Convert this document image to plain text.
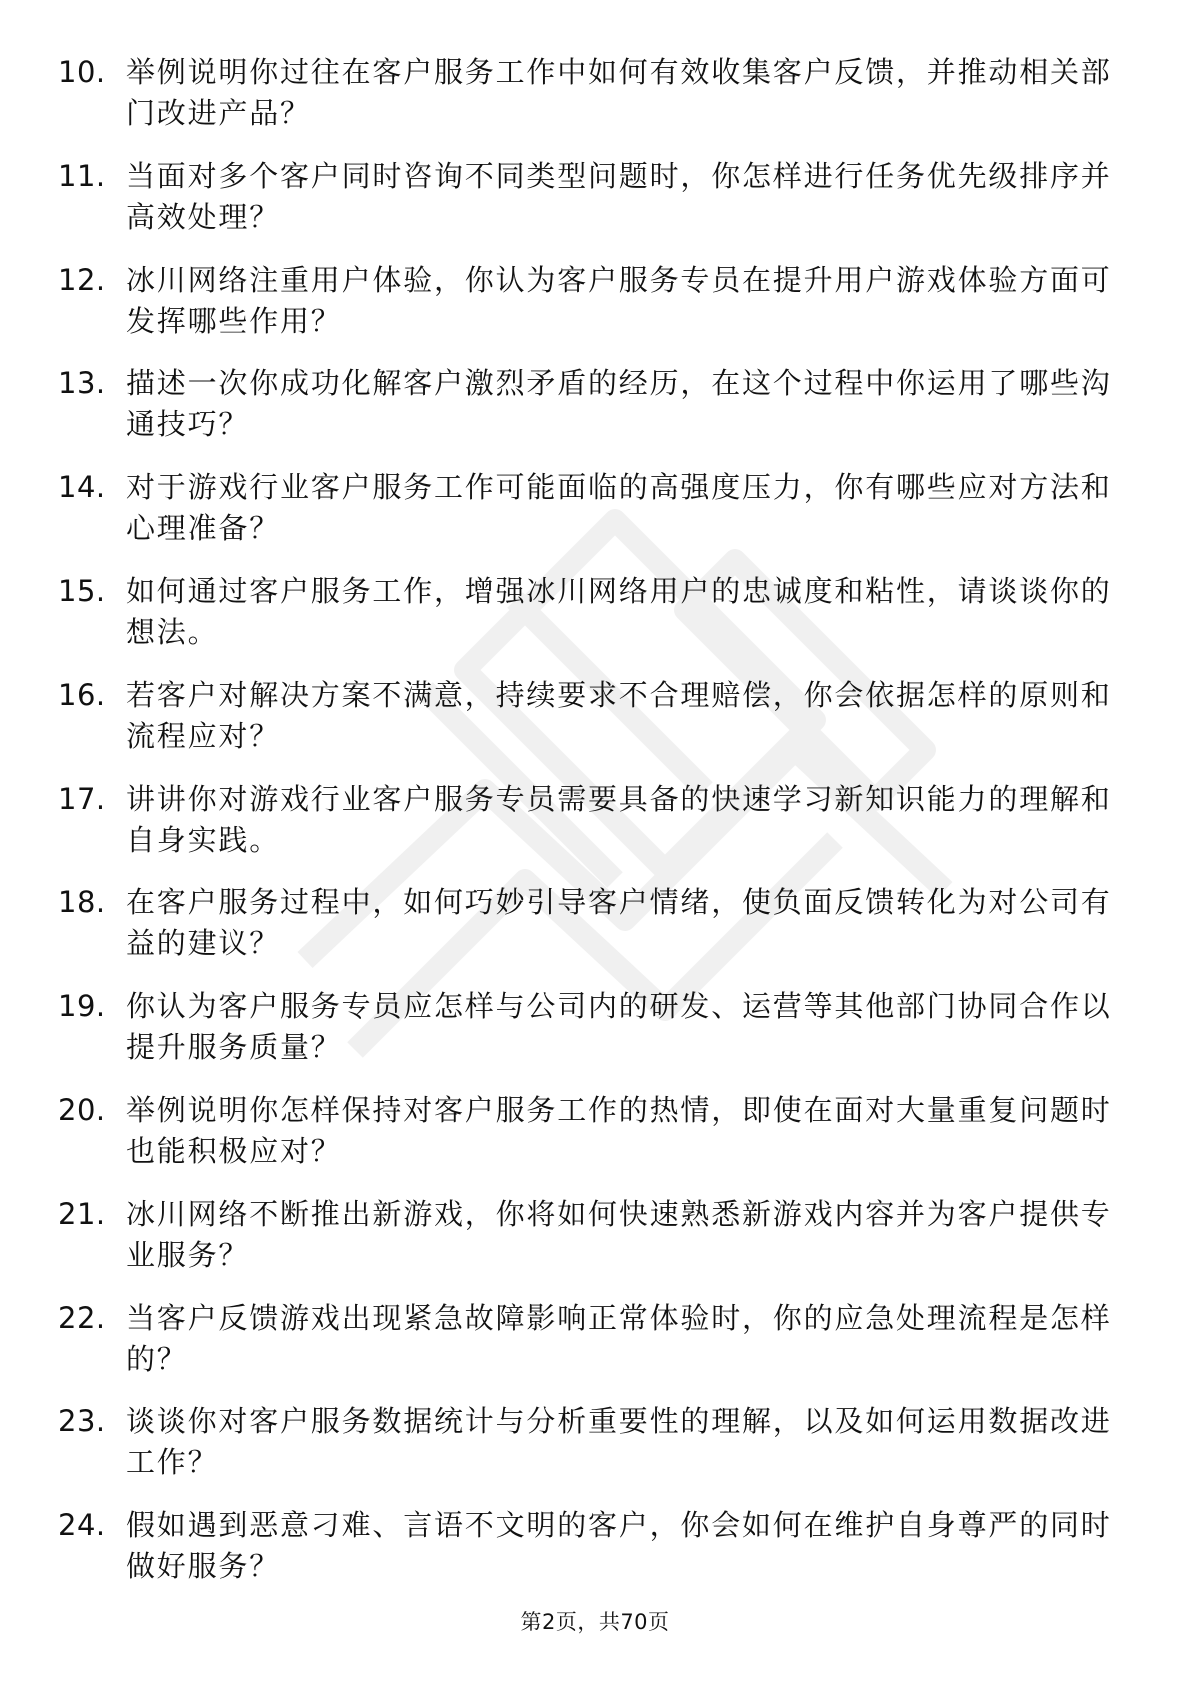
10. 举例说明你过往在客户服务工作中如何有效收集客户反馈，并推动相关部门改进产品？
11. 当面对多个客户同时咨询不同类型问题时，你怎样进行任务优先级排序并高效处理？
12. 冰川网络注重用户体验，你认为客户服务专员在提升用户游戏体验方面可发挥哪些作用？
13. 描述一次你成功化解客户激烈矛盾的经历，在这个过程中你运用了哪些沟通技巧？
14. 对于游戏行业客户服务工作可能面临的高强度压力，你有哪些应对方法和心理准备？
15. 如何通过客户服务工作，增强冰川网络用户的忠诚度和粘性，请谈谈你的想法。
16. 若客户对解决方案不满意，持续要求不合理赔偿，你会依据怎样的原则和流程应对？
17. 讲讲你对游戏行业客户服务专员需要具备的快速学习新知识能力的理解和自身实践。
18. 在客户服务过程中，如何巧妙引导客户情绪，使负面反馈转化为对公司有益的建议？
19. 你认为客户服务专员应怎样与公司内的研发、运营等其他部门协同合作以提升服务质量？
20. 举例说明你怎样保持对客户服务工作的热情，即使在面对大量重复问题时也能积极应对？
21. 冰川网络不断推出新游戏，你将如何快速熟悉新游戏内容并为客户提供专业服务？
22. 当客户反馈游戏出现紧急故障影响正常体验时，你的应急处理流程是怎样的？
23. 谈谈你对客户服务数据统计与分析重要性的理解，以及如何运用数据改进工作？
24. 假如遇到恶意刁难、言语不文明的客户，你会如何在维护自身尊严的同时做好服务？
第2页，共70页
